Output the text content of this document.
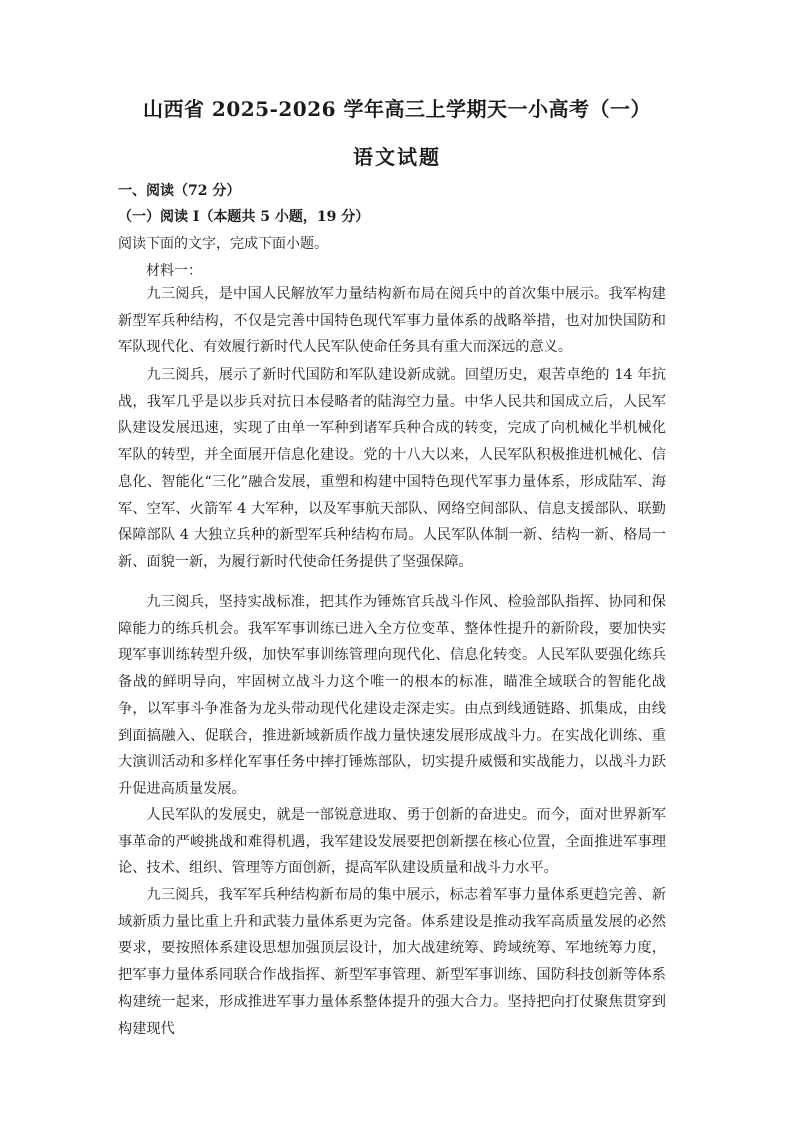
山西省 2025-2026 学年高三上学期天一小高考（一）
语文试题
一、阅读（72 分）
（一）阅读 I（本题共 5 小题，19 分）
阅读下面的文字，完成下面小题。
材料一：

九三阅兵，是中国人民解放军力量结构新布局在阅兵中的首次集中展示。我军构建新型军兵种结构，不仅是完善中国特色现代军事力量体系的战略举措，也对加快国防和军队现代化、有效履行新时代人民军队使命任务具有重大而深远的意义。

九三阅兵，展示了新时代国防和军队建设新成就。回望历史，艰苦卓绝的 14 年抗战，我军几乎是以步兵对抗日本侵略者的陆海空力量。中华人民共和国成立后，人民军队建设发展迅速，实现了由单一军种到诸军兵种合成的转变，完成了向机械化半机械化军队的转型，并全面展开信息化建设。党的十八大以来，人民军队积极推进机械化、信息化、智能化“三化”融合发展，重塑和构建中国特色现代军事力量体系，形成陆军、海军、空军、火箭军 4 大军种，以及军事航天部队、网络空间部队、信息支援部队、联勤保障部队 4 大独立兵种的新型军兵种结构布局。人民军队体制一新、结构一新、格局一新、面貌一新，为履行新时代使命任务提供了坚强保障。

九三阅兵，坚持实战标准，把其作为锤炼官兵战斗作风、检验部队指挥、协同和保障能力的练兵机会。我军军事训练已进入全方位变革、整体性提升的新阶段，要加快实现军事训练转型升级，加快军事训练管理向现代化、信息化转变。人民军队要强化练兵备战的鲜明导向，牢固树立战斗力这个唯一的根本的标准，瞄准全域联合的智能化战争，以军事斗争准备为龙头带动现代化建设走深走实。由点到线通链路、抓集成，由线到面搞融入、促联合，推进新域新质作战力量快速发展形成战斗力。在实战化训练、重大演训活动和多样化军事任务中摔打锤炼部队，切实提升威慑和实战能力，以战斗力跃升促进高质量发展。

人民军队的发展史，就是一部锐意进取、勇于创新的奋进史。而今，面对世界新军事革命的严峻挑战和难得机遇，我军建设发展要把创新摆在核心位置，全面推进军事理论、技术、组织、管理等方面创新，提高军队建设质量和战斗力水平。

九三阅兵，我军军兵种结构新布局的集中展示，标志着军事力量体系更趋完善、新域新质力量比重上升和武装力量体系更为完备。体系建设是推动我军高质量发展的必然要求，要按照体系建设思想加强顶层设计，加大战建统筹、跨域统筹、军地统筹力度，把军事力量体系同联合作战指挥、新型军事管理、新型军事训练、国防科技创新等体系构建统一起来，形成推进军事力量体系整体提升的强大合力。坚持把向打仗聚焦贯穿到构建现代
